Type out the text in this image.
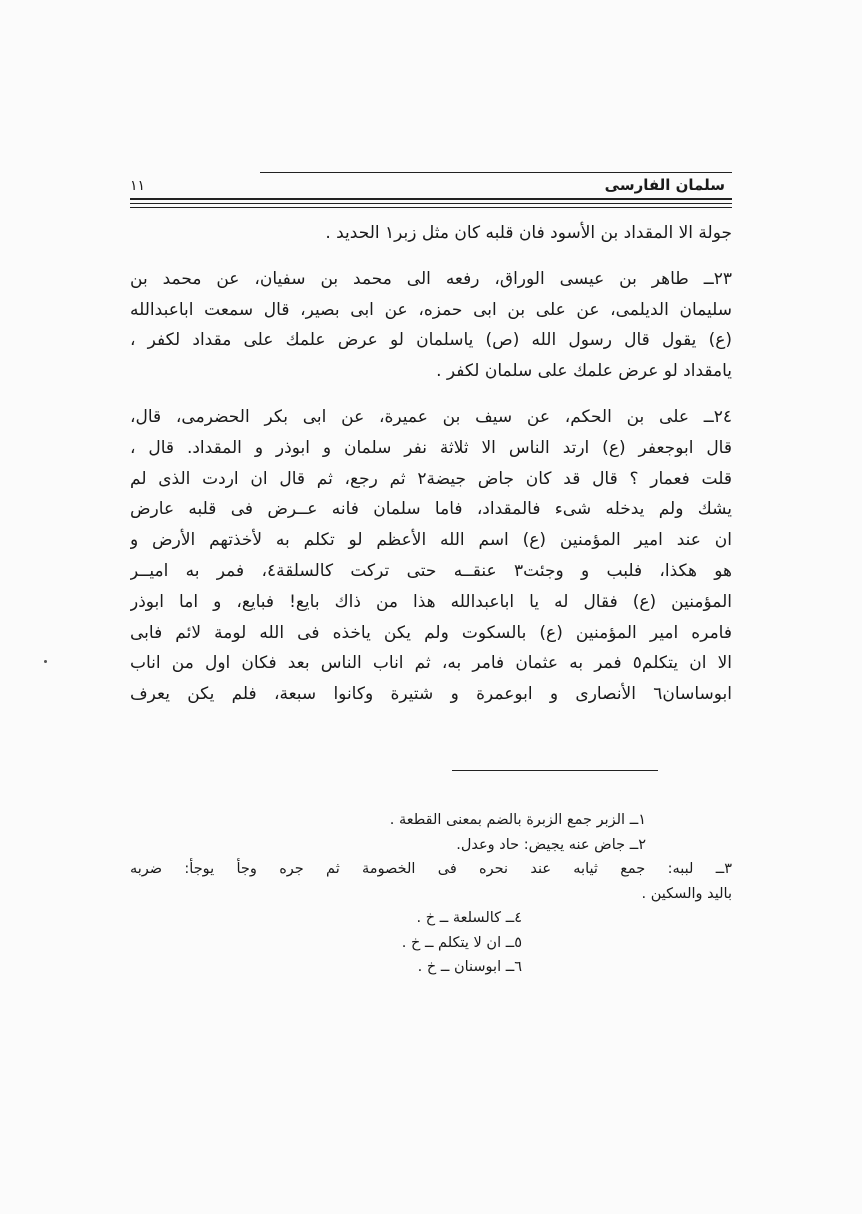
سلمان الفارسی
١١
جولة الا المقداد بن الأسود فان قلبه كان مثل زبر١ الحديد .
٢٣ــ طاهر بن عیسی الوراق، رفعه الی محمد بن سفیان، عن محمد بن
سلیمان الدیلمی، عن علی بن ابی حمزه، عن ابی بصیر، قال سمعت اباعبدالله
(ع) یقول قال رسول الله (ص) یاسلمان لو عرض علمك علی مقداد لکفر ،
یامقداد لو عرض علمك علی سلمان لکفر .
٢٤ــ علی بن الحکم، عن سیف بن عمیرة، عن ابی بکر الحضرمی، قال،
قال ابوجعفر (ع) ارتد الناس الا ثلاثة نفر سلمان و ابوذر و المقداد. قال ،
قلت فعمار ؟ قال قد کان جاض جیضة٢ ثم رجع، ثم قال ان اردت الذی لم
یشك ولم یدخله شیء فالمقداد، فاما سلمان فانه عــرض فی قلبه عارض
ان عند امیر المؤمنین (ع) اسم الله الأعظم لو تکلم به لأخذتهم الأرض و
هو هکذا، فلبب و وجئت٣ عنقــه حتی ترکت کالسلقة٤، فمر به امیــر
المؤمنین (ع) فقال له یا اباعبدالله هذا من ذاك بایع! فبایع، و اما ابوذر
فامره امیر المؤمنین (ع) بالسکوت ولم یکن یاخذه فی الله لومة لائم فابی
الا ان یتکلم٥ فمر به عثمان فامر به، ثم اناب الناس بعد فکان اول من اناب
ابوساسان٦ الأنصاری و ابوعمرة و شتیرة وکانوا سبعة، فلم یکن یعرف
١ــ الزبر جمع الزبرة بالضم بمعنی القطعة .
٢ــ جاض عنه یجیض: حاد وعدل.
٣ــ لببه: جمع ثیابه عند نحره فی الخصومة ثم جره وجأ یوجأ: ضربه
بالید والسکین .
٤ــ کالسلعة ــ خ .
٥ــ ان لا یتکلم ــ خ .
٦ــ ابوسنان ــ خ .
